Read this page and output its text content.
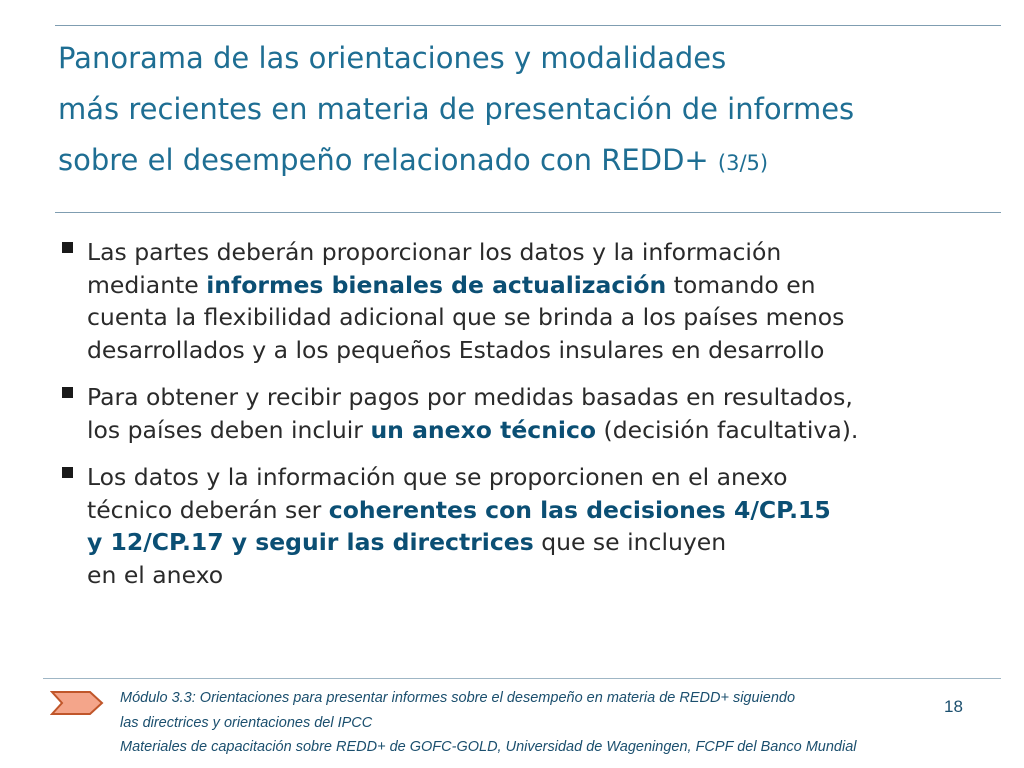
Panorama de las orientaciones y modalidades
más recientes en materia de presentación de informes
sobre el desempeño relacionado con REDD+ (3/5)
Las partes deberán proporcionar los datos y la información
mediante informes bienales de actualización tomando en
cuenta la flexibilidad adicional que se brinda a los países menos
desarrollados y a los pequeños Estados insulares en desarrollo
Para obtener y recibir pagos por medidas basadas en resultados,
los países deben incluir un anexo técnico (decisión facultativa).
Los datos y la información que se proporcionen en el anexo
técnico deberán ser coherentes con las decisiones 4/CP.15
y 12/CP.17 y seguir las directrices que se incluyen
en el anexo
Módulo 3.3: Orientaciones para presentar informes sobre el desempeño en materia de REDD+ siguiendo
las directrices y orientaciones del IPCC
Materiales de capacitación sobre REDD+ de GOFC-GOLD, Universidad de Wageningen, FCPF del Banco Mundial
18
